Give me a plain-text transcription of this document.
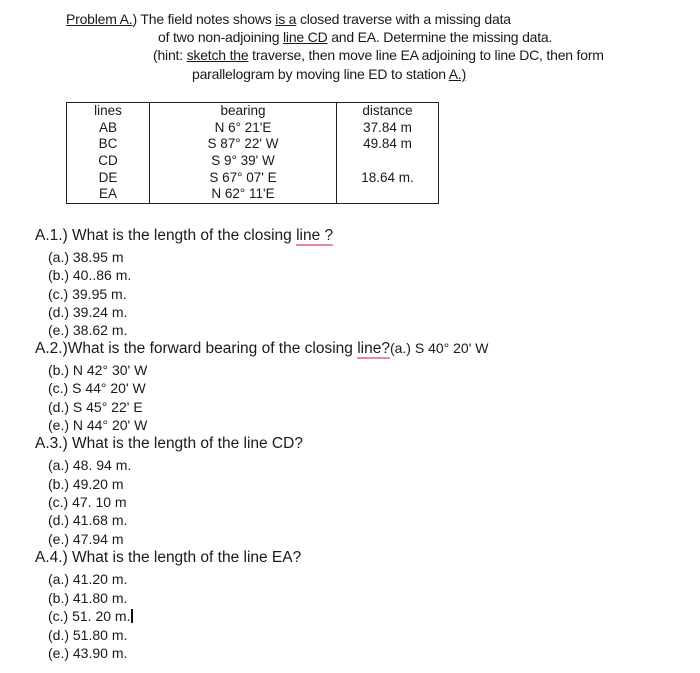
Problem A.) The field notes shows is a closed traverse with a missing data
of two non-adjoining line CD and EA. Determine the missing data.
(hint: sketch the traverse, then move line EA adjoining to line DC, then form
parallelogram by moving line ED to station A.)
lines	bearing	distance
AB	N 6° 21'E	37.84 m
BC	S 87° 22' W	49.84 m
CD	S 9° 39' W	
DE	S 67° 07' E	18.64 m.
EA	N 62° 11'E	
A.1.) What is the length of the closing line ?
(a.) 38.95 m
(b.) 40..86 m.
(c.) 39.95 m.
(d.) 39.24 m.
(e.) 38.62 m.
A.2.)What is the forward bearing of the closing line?(a.) S 40° 20' W
(b.) N 42° 30' W
(c.) S 44° 20' W
(d.) S 45° 22' E
(e.) N 44° 20' W
A.3.) What is the length of the line CD?
(a.) 48. 94 m.
(b.) 49.20 m
(c.) 47. 10 m
(d.) 41.68 m.
(e.) 47.94 m
A.4.) What is the length of the line EA?
(a.) 41.20 m.
(b.) 41.80 m.
(c.) 51. 20 m.
(d.) 51.80 m.
(e.) 43.90 m.
